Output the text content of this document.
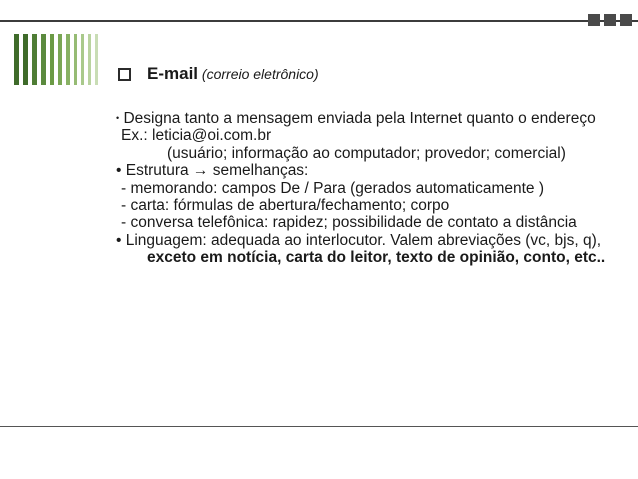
E-mail
(correio eletrônico)

• Designa tanto a mensagem enviada pela Internet quanto o endereço

Ex.: leticia@oi.com.br

(usuário; informação ao computador; provedor; comercial)

• Estrutura → semelhanças:

- memorando: campos De / Para (gerados automaticamente )

- carta: fórmulas de abertura/fechamento; corpo

- conversa telefônica: rapidez; possibilidade de contato a distância

• Linguagem: adequada ao interlocutor. Valem abreviações (vc, bjs, q), exceto em notícia, carta do leitor, texto de opinião, conto, etc..
